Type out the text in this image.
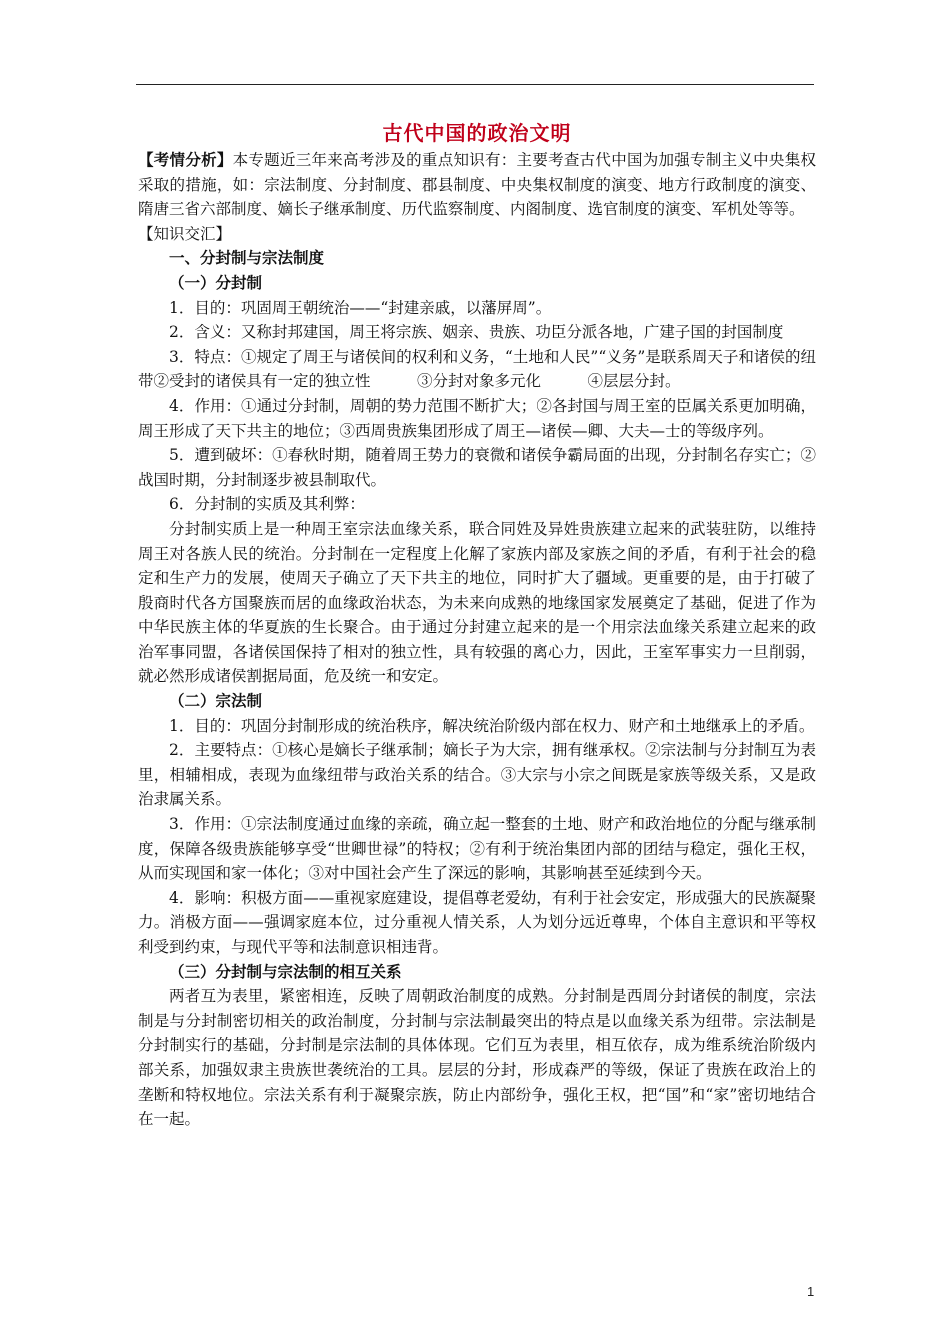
古代中国的政治文明

【考情分析】本专题近三年来高考涉及的重点知识有：主要考查古代中国为加强专制主义中央集权采取的措施，如：宗法制度、分封制度、郡县制度、中央集权制度的演变、地方行政制度的演变、隋唐三省六部制度、嫡长子继承制度、历代监察制度、内阁制度、选官制度的演变、军机处等等。

【知识交汇】

一、分封制与宗法制度

（一）分封制

1．目的：巩固周王朝统治——“封建亲戚，以藩屏周”。

2．含义：又称封邦建国，周王将宗族、姻亲、贵族、功臣分派各地，广建子国的封国制度

3．特点：①规定了周王与诸侯间的权利和义务，“土地和人民”“义务”是联系周天子和诸侯的纽带②受封的诸侯具有一定的独立性　　　③分封对象多元化　　　④层层分封。

4．作用：①通过分封制，周朝的势力范围不断扩大；②各封国与周王室的臣属关系更加明确，周王形成了天下共主的地位；③西周贵族集团形成了周王—诸侯—卿、大夫—士的等级序列。

5．遭到破坏：①春秋时期，随着周王势力的衰微和诸侯争霸局面的出现，分封制名存实亡；②战国时期，分封制逐步被县制取代。

6．分封制的实质及其利弊：

分封制实质上是一种周王室宗法血缘关系，联合同姓及异姓贵族建立起来的武装驻防，以维持周王对各族人民的统治。分封制在一定程度上化解了家族内部及家族之间的矛盾，有利于社会的稳定和生产力的发展，使周天子确立了天下共主的地位，同时扩大了疆域。更重要的是，由于打破了殷商时代各方国聚族而居的血缘政治状态，为未来向成熟的地缘国家发展奠定了基础，促进了作为中华民族主体的华夏族的生长聚合。由于通过分封建立起来的是一个用宗法血缘关系建立起来的政治军事同盟，各诸侯国保持了相对的独立性，具有较强的离心力，因此，王室军事实力一旦削弱，就必然形成诸侯割据局面，危及统一和安定。

（二）宗法制

1．目的：巩固分封制形成的统治秩序，解决统治阶级内部在权力、财产和土地继承上的矛盾。

2．主要特点：①核心是嫡长子继承制；嫡长子为大宗，拥有继承权。②宗法制与分封制互为表里，相辅相成，表现为血缘纽带与政治关系的结合。③大宗与小宗之间既是家族等级关系，又是政治隶属关系。

3．作用：①宗法制度通过血缘的亲疏，确立起一整套的土地、财产和政治地位的分配与继承制度，保障各级贵族能够享受“世卿世禄”的特权；②有利于统治集团内部的团结与稳定，强化王权，从而实现国和家一体化；③对中国社会产生了深远的影响，其影响甚至延续到今天。

4．影响：积极方面——重视家庭建设，提倡尊老爱幼，有利于社会安定，形成强大的民族凝聚力。消极方面——强调家庭本位，过分重视人情关系，人为划分远近尊卑，个体自主意识和平等权利受到约束，与现代平等和法制意识相违背。

（三）分封制与宗法制的相互关系

两者互为表里，紧密相连，反映了周朝政治制度的成熟。分封制是西周分封诸侯的制度，宗法制是与分封制密切相关的政治制度，分封制与宗法制最突出的特点是以血缘关系为纽带。宗法制是分封制实行的基础，分封制是宗法制的具体体现。它们互为表里，相互依存，成为维系统治阶级内部关系，加强奴隶主贵族世袭统治的工具。层层的分封，形成森严的等级，保证了贵族在政治上的垄断和特权地位。宗法关系有利于凝聚宗族，防止内部纷争，强化王权，把“国”和“家”密切地结合在一起。

1
